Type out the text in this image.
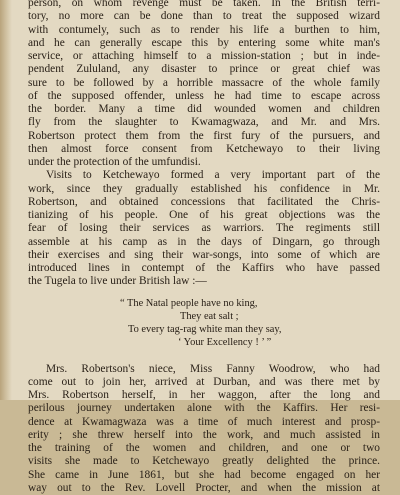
person, on whom revenge must be taken. In the British terri-
tory, no more can be done than to treat the supposed wizard
with contumely, such as to render his life a burthen to him,
and he can generally escape this by entering some white man's
service, or attaching himself to a mission-station ; but in inde-
pendent Zululand, any disaster to prince or great chief was
sure to be followed by a horrible massacre of the whole family
of the supposed offender, unless he had time to escape across
the border. Many a time did wounded women and children
fly from the slaughter to Kwamagwaza, and Mr. and Mrs.
Robertson protect them from the first fury of the pursuers, and
then almost force consent from Ketchewayo to their living
under the protection of the umfundisi.
Visits to Ketchewayo formed a very important part of the
work, since they gradually established his confidence in Mr.
Robertson, and obtained concessions that facilitated the Chris-
tianizing of his people. One of his great objections was the
fear of losing their services as warriors. The regiments still
assemble at his camp as in the days of Dingarn, go through
their exercises and sing their war-songs, into some of which are
introduced lines in contempt of the Kaffirs who have passed
the Tugela to live under British law :—
“ The Natal people have no king,
They eat salt ;
To every tag-rag white man they say,
‘ Your Excellency ! ’ ”
Mrs. Robertson's niece, Miss Fanny Woodrow, who had
come out to join her, arrived at Durban, and was there met by
Mrs. Robertson herself, in her waggon, after the long and
perilous journey undertaken alone with the Kaffirs. Her resi-
dence at Kwamagwaza was a time of much interest and prosp-
erity ; she threw herself into the work, and much assisted in
the training of the women and children, and one or two
visits she made to Ketchewayo greatly delighted the prince.
She came in June 1861, but she had become engaged on her
way out to the Rev. Lovell Procter, and when the mission at
